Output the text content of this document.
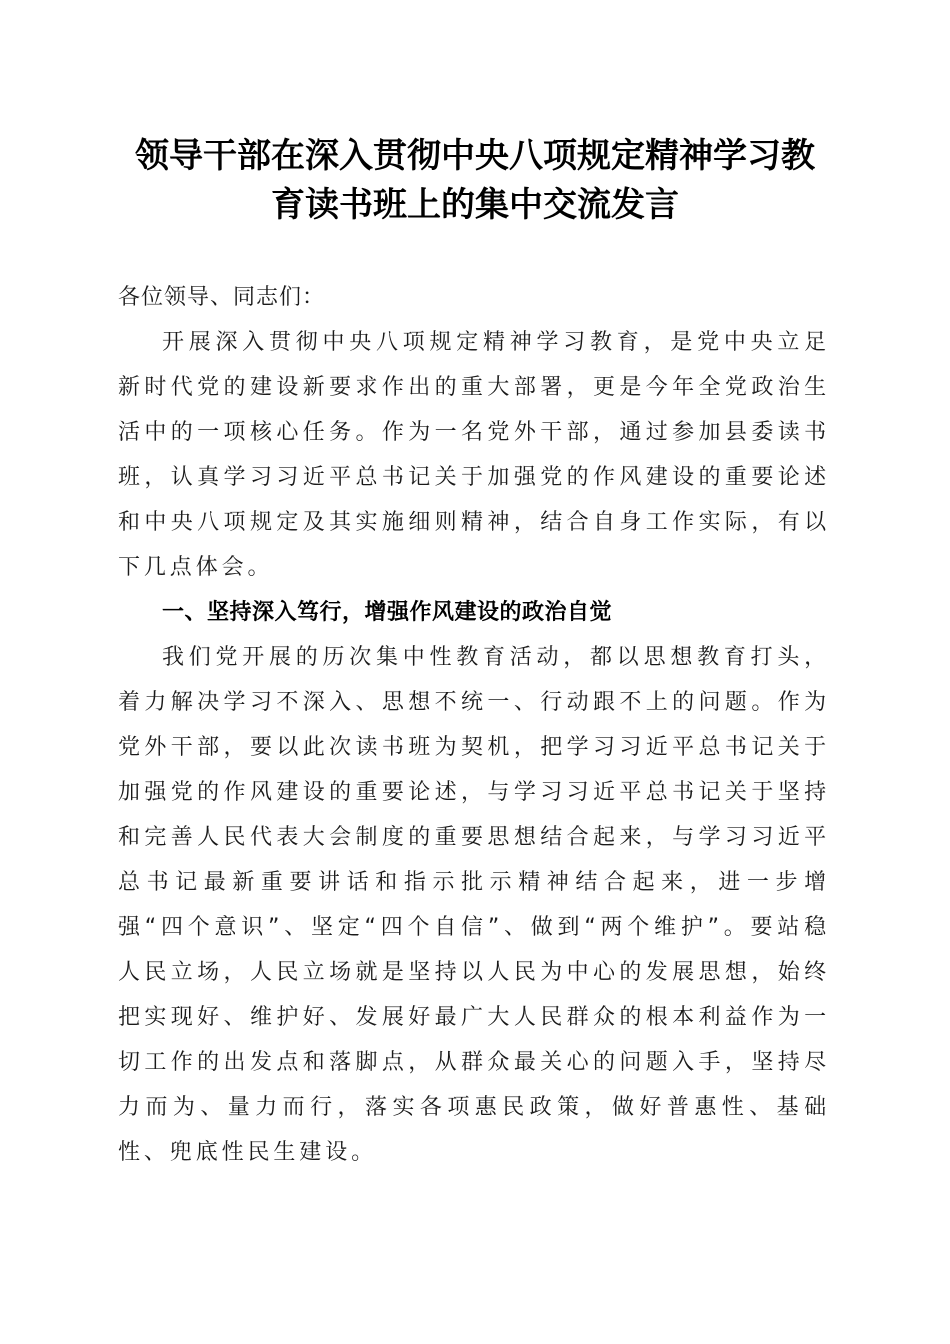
领导干部在深入贯彻中央八项规定精神学习教
育读书班上的集中交流发言

各位领导、同志们：

开展深入贯彻中央八项规定精神学习教育，是党中央立足新时代党的建设新要求作出的重大部署，更是今年全党政治生活中的一项核心任务。作为一名党外干部，通过参加县委读书班，认真学习习近平总书记关于加强党的作风建设的重要论述和中央八项规定及其实施细则精神，结合自身工作实际，有以下几点体会。

一、坚持深入笃行，增强作风建设的政治自觉

我们党开展的历次集中性教育活动，都以思想教育打头，着力解决学习不深入、思想不统一、行动跟不上的问题。作为党外干部，要以此次读书班为契机，把学习习近平总书记关于加强党的作风建设的重要论述，与学习习近平总书记关于坚持和完善人民代表大会制度的重要思想结合起来，与学习习近平总书记最新重要讲话和指示批示精神结合起来，进一步增强“四个意识”、坚定“四个自信”、做到“两个维护”。要站稳人民立场，人民立场就是坚持以人民为中心的发展思想，始终把实现好、维护好、发展好最广大人民群众的根本利益作为一切工作的出发点和落脚点，从群众最关心的问题入手，坚持尽力而为、量力而行，落实各项惠民政策，做好普惠性、基础性、兜底性民生建设。
